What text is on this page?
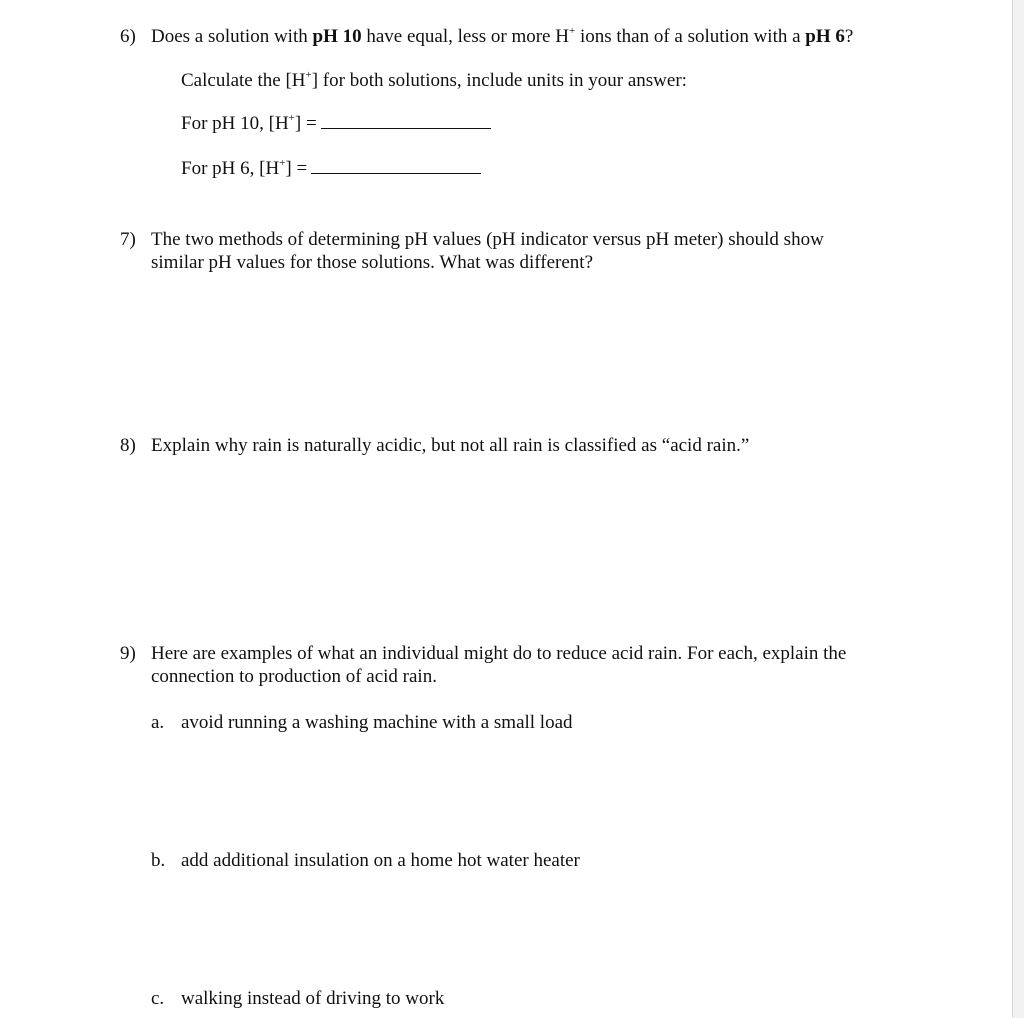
6) Does a solution with pH 10 have equal, less or more H+ ions than of a solution with a pH 6?
Calculate the [H+] for both solutions, include units in your answer:
For pH 10, [H+] =
For pH 6, [H+] =
7) The two methods of determining pH values (pH indicator versus pH meter) should show
similar pH values for those solutions. What was different?
8) Explain why rain is naturally acidic, but not all rain is classified as “acid rain.”
9) Here are examples of what an individual might do to reduce acid rain. For each, explain the
connection to production of acid rain.
a. avoid running a washing machine with a small load
b. add additional insulation on a home hot water heater
c. walking instead of driving to work
